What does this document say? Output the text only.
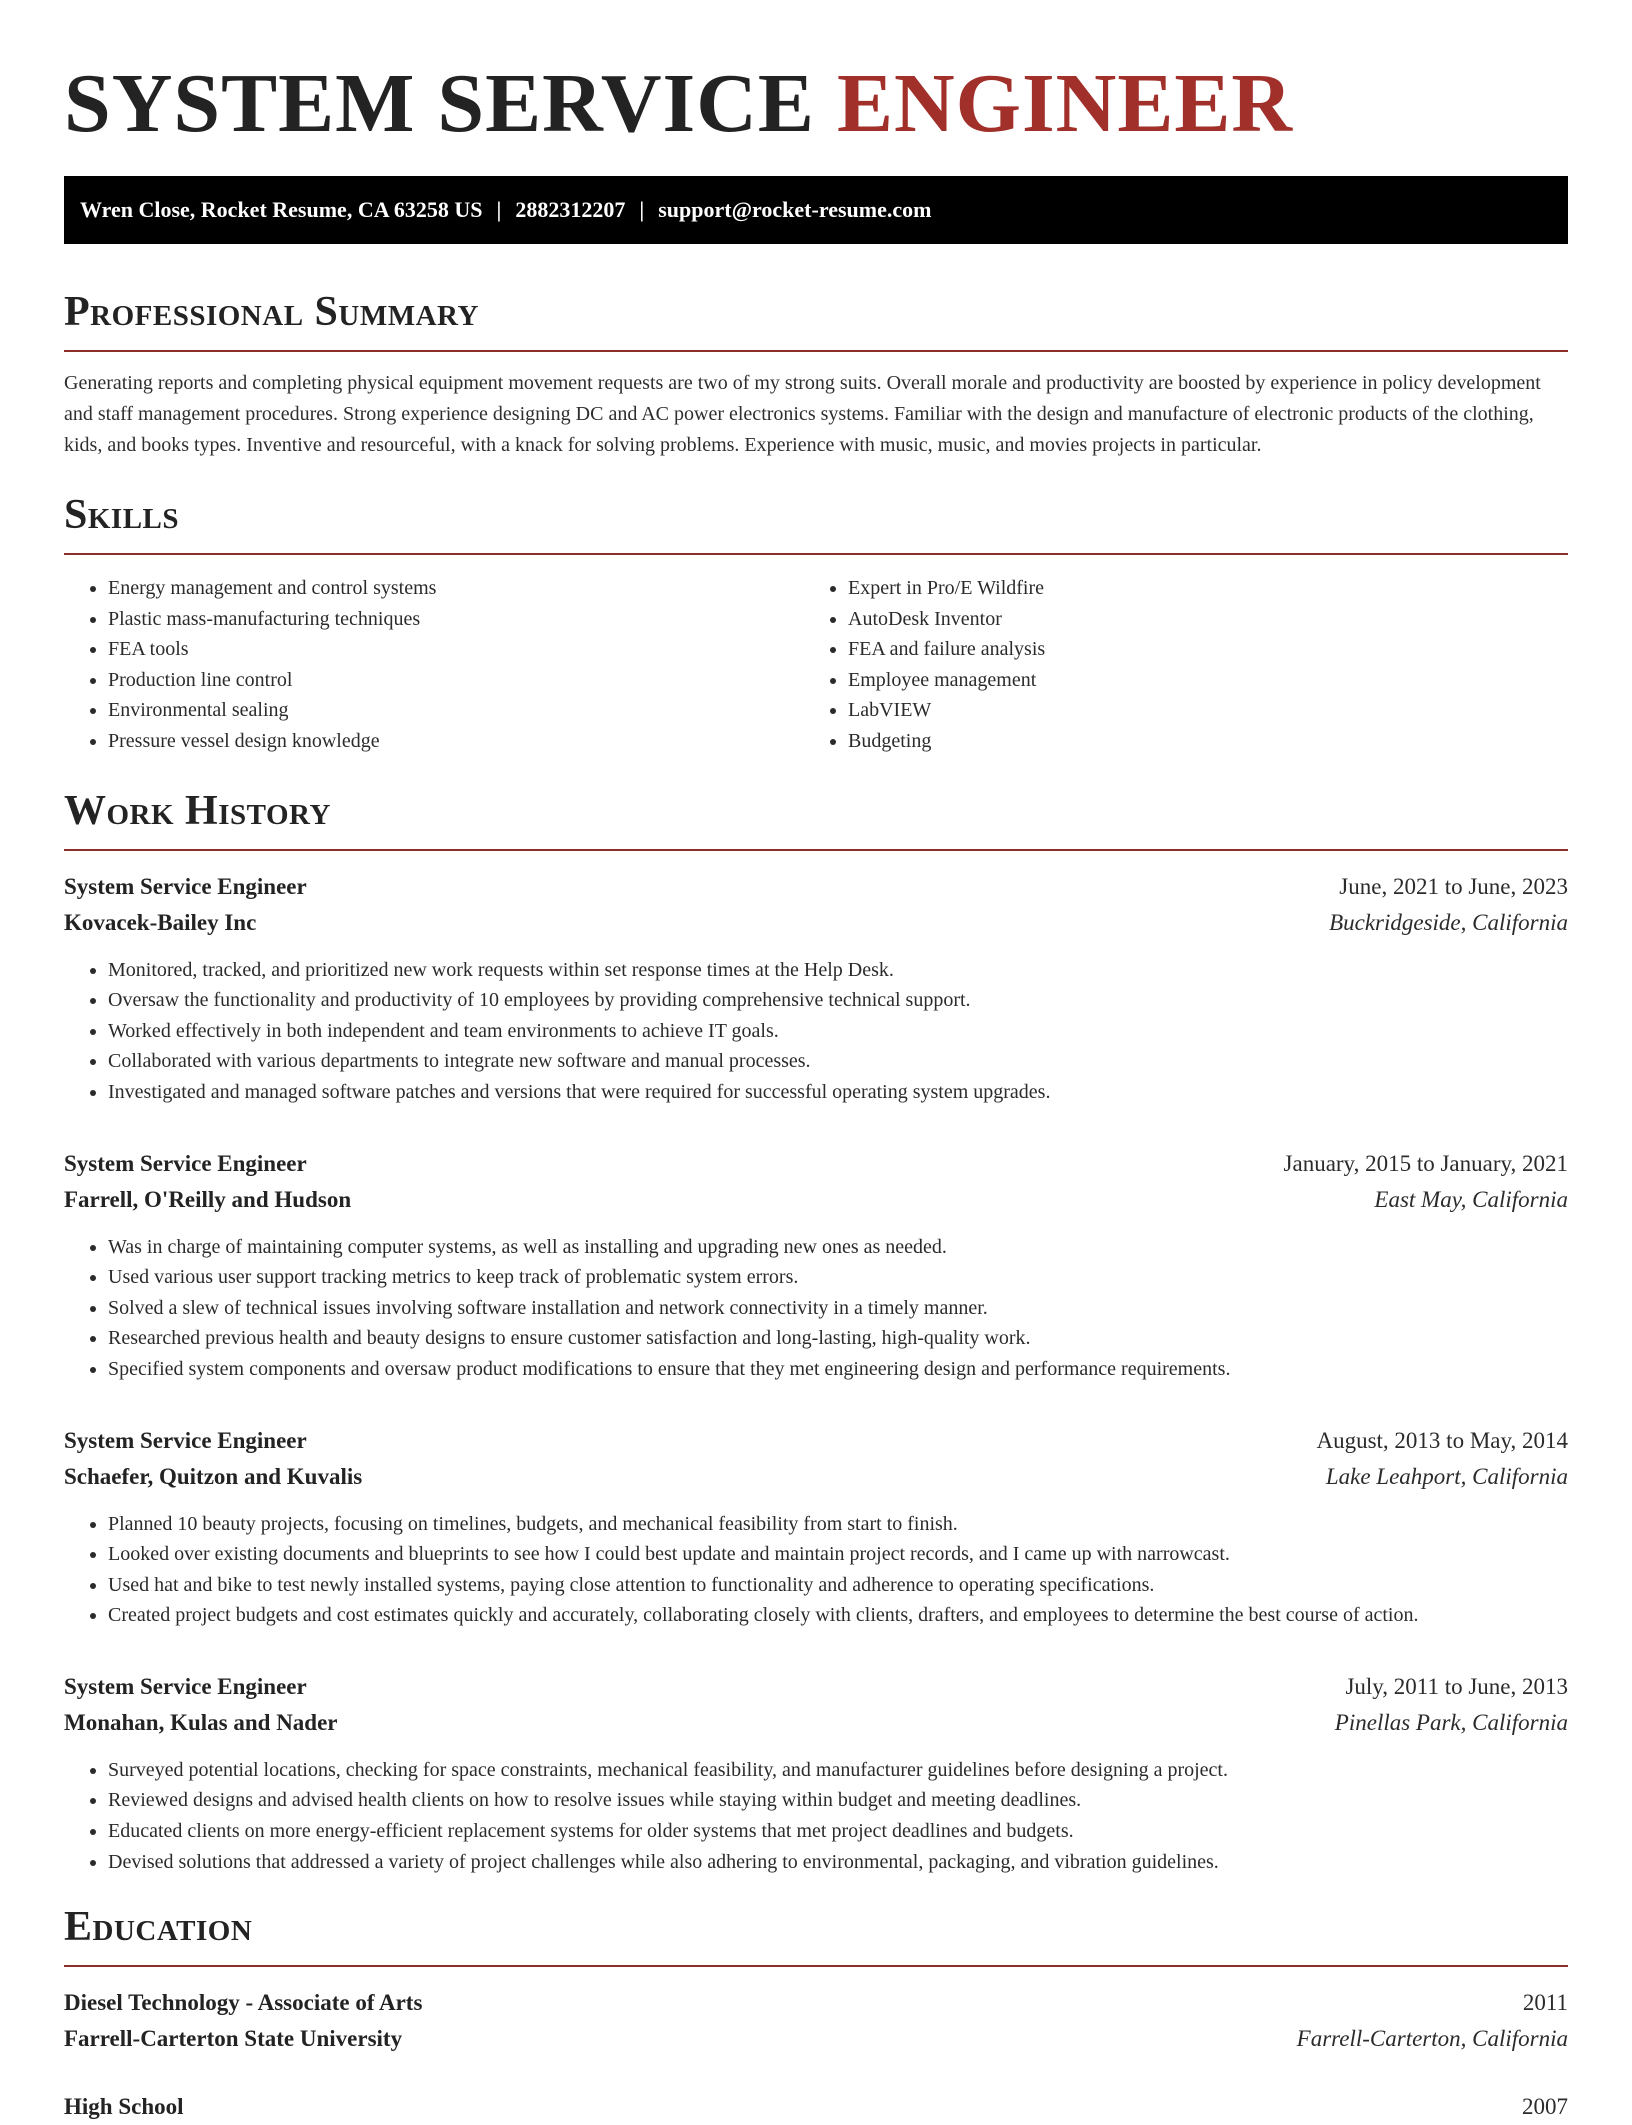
SYSTEM SERVICE ENGINEER
Wren Close, Rocket Resume, CA 63258 US | 2882312207 | support@rocket-resume.com
Professional Summary

Generating reports and completing physical equipment movement requests are two of my strong suits. Overall morale and productivity are boosted by experience in policy development and staff management procedures. Strong experience designing DC and AC power electronics systems. Familiar with the design and manufacture of electronic products of the clothing, kids, and books types. Inventive and resourceful, with a knack for solving problems. Experience with music, music, and movies projects in particular.

Skills
• Energy management and control systems
• Plastic mass-manufacturing techniques
• FEA tools
• Production line control
• Environmental sealing
• Pressure vessel design knowledge
• Expert in Pro/E Wildfire
• AutoDesk Inventor
• FEA and failure analysis
• Employee management
• LabVIEW
• Budgeting
Work History
System Service Engineer	June, 2021 to June, 2023
Kovacek-Bailey Inc	Buckridgeside, California
• Monitored, tracked, and prioritized new work requests within set response times at the Help Desk.
• Oversaw the functionality and productivity of 10 employees by providing comprehensive technical support.
• Worked effectively in both independent and team environments to achieve IT goals.
• Collaborated with various departments to integrate new software and manual processes.
• Investigated and managed software patches and versions that were required for successful operating system upgrades.
System Service Engineer	January, 2015 to January, 2021
Farrell, O'Reilly and Hudson	East May, California
• Was in charge of maintaining computer systems, as well as installing and upgrading new ones as needed.
• Used various user support tracking metrics to keep track of problematic system errors.
• Solved a slew of technical issues involving software installation and network connectivity in a timely manner.
• Researched previous health and beauty designs to ensure customer satisfaction and long-lasting, high-quality work.
• Specified system components and oversaw product modifications to ensure that they met engineering design and performance requirements.
System Service Engineer	August, 2013 to May, 2014
Schaefer, Quitzon and Kuvalis	Lake Leahport, California
• Planned 10 beauty projects, focusing on timelines, budgets, and mechanical feasibility from start to finish.
• Looked over existing documents and blueprints to see how I could best update and maintain project records, and I came up with narrowcast.
• Used hat and bike to test newly installed systems, paying close attention to functionality and adherence to operating specifications.
• Created project budgets and cost estimates quickly and accurately, collaborating closely with clients, drafters, and employees to determine the best course of action.
System Service Engineer	July, 2011 to June, 2013
Monahan, Kulas and Nader	Pinellas Park, California
• Surveyed potential locations, checking for space constraints, mechanical feasibility, and manufacturer guidelines before designing a project.
• Reviewed designs and advised health clients on how to resolve issues while staying within budget and meeting deadlines.
• Educated clients on more energy-efficient replacement systems for older systems that met project deadlines and budgets.
• Devised solutions that addressed a variety of project challenges while also adhering to environmental, packaging, and vibration guidelines.
Education
Diesel Technology - Associate of Arts	2011
Farrell-Carterton State University	Farrell-Carterton, California
High School	2007
